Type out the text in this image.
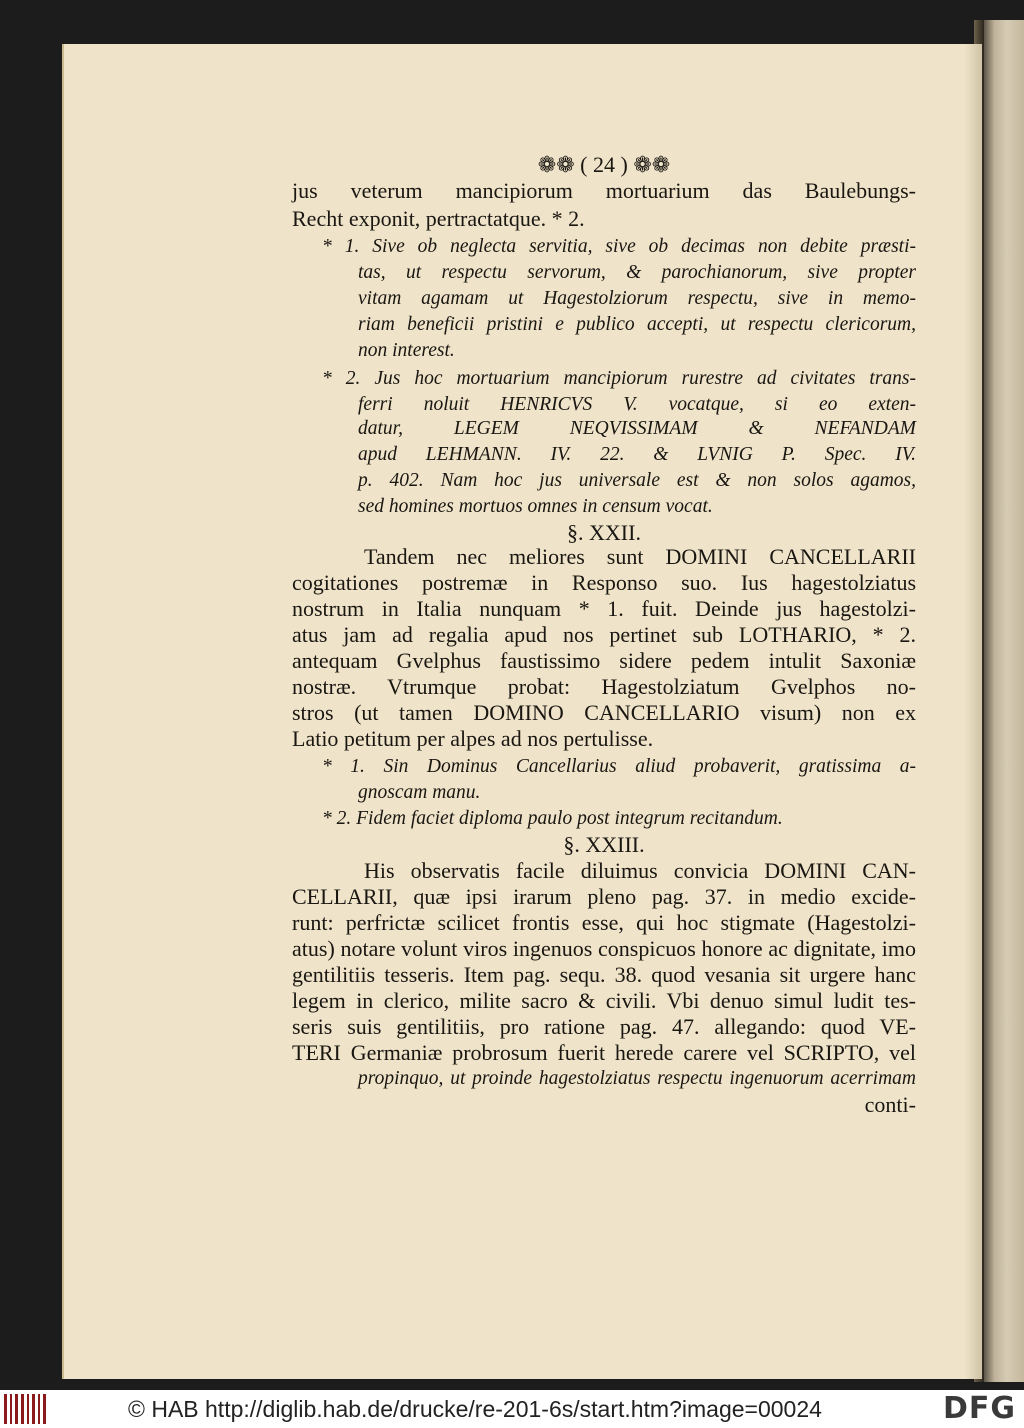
❁❁ ( 24 ) ❁❁
jus veterum mancipiorum mortuarium das Baulebungs-
Recht exponit, pertractatque. * 2.
* 1. Sive ob neglecta servitia, sive ob decimas non debite præsti-
tas, ut respectu servorum, & parochianorum, sive propter
vitam agamam ut Hagestolziorum respectu, sive in memo-
riam beneficii pristini e publico accepti, ut respectu clericorum,
non interest.
* 2. Jus hoc mortuarium mancipiorum rurestre ad civitates trans-
ferri noluit HENRICVS V. vocatque, si eo exten-
datur, LEGEM NEQVISSIMAM & NEFANDAM
apud LEHMANN. IV. 22. & LVNIG P. Spec. IV.
p. 402. Nam hoc jus universale est & non solos agamos,
sed homines mortuos omnes in censum vocat.
§. XXII.
Tandem nec meliores sunt DOMINI CANCELLARII
cogitationes postremæ in Responso suo. Ius hagestolziatus
nostrum in Italia nunquam * 1. fuit. Deinde jus hagestolzi-
atus jam ad regalia apud nos pertinet sub LOTHARIO, * 2.
antequam Gvelphus faustissimo sidere pedem intulit Saxoniæ
nostræ. Vtrumque probat: Hagestolziatum Gvelphos no-
stros (ut tamen DOMINO CANCELLARIO visum) non ex
Latio petitum per alpes ad nos pertulisse.
* 1. Sin Dominus Cancellarius aliud probaverit, gratissima a-
gnoscam manu.
* 2. Fidem faciet diploma paulo post integrum recitandum.
§. XXIII.
His observatis facile diluimus convicia DOMINI CAN-
CELLARII, quæ ipsi irarum pleno pag. 37. in medio excide-
runt: perfrictæ scilicet frontis esse, qui hoc stigmate (Hagestolzi-
atus) notare volunt viros ingenuos conspicuos honore ac dignitate, imo
gentilitiis tesseris. Item pag. sequ. 38. quod vesania sit urgere hanc
legem in clerico, milite sacro & civili. Vbi denuo simul ludit tes-
seris suis gentilitiis, pro ratione pag. 47. allegando: quod VE-
TERI Germaniæ probrosum fuerit herede carere vel SCRIPTO, vel
propinquo, ut proinde hagestolziatus respectu ingenuorum acerrimam
conti-
© HAB http://diglib.hab.de/drucke/re-201-6s/start.htm?image=00024	DFG
